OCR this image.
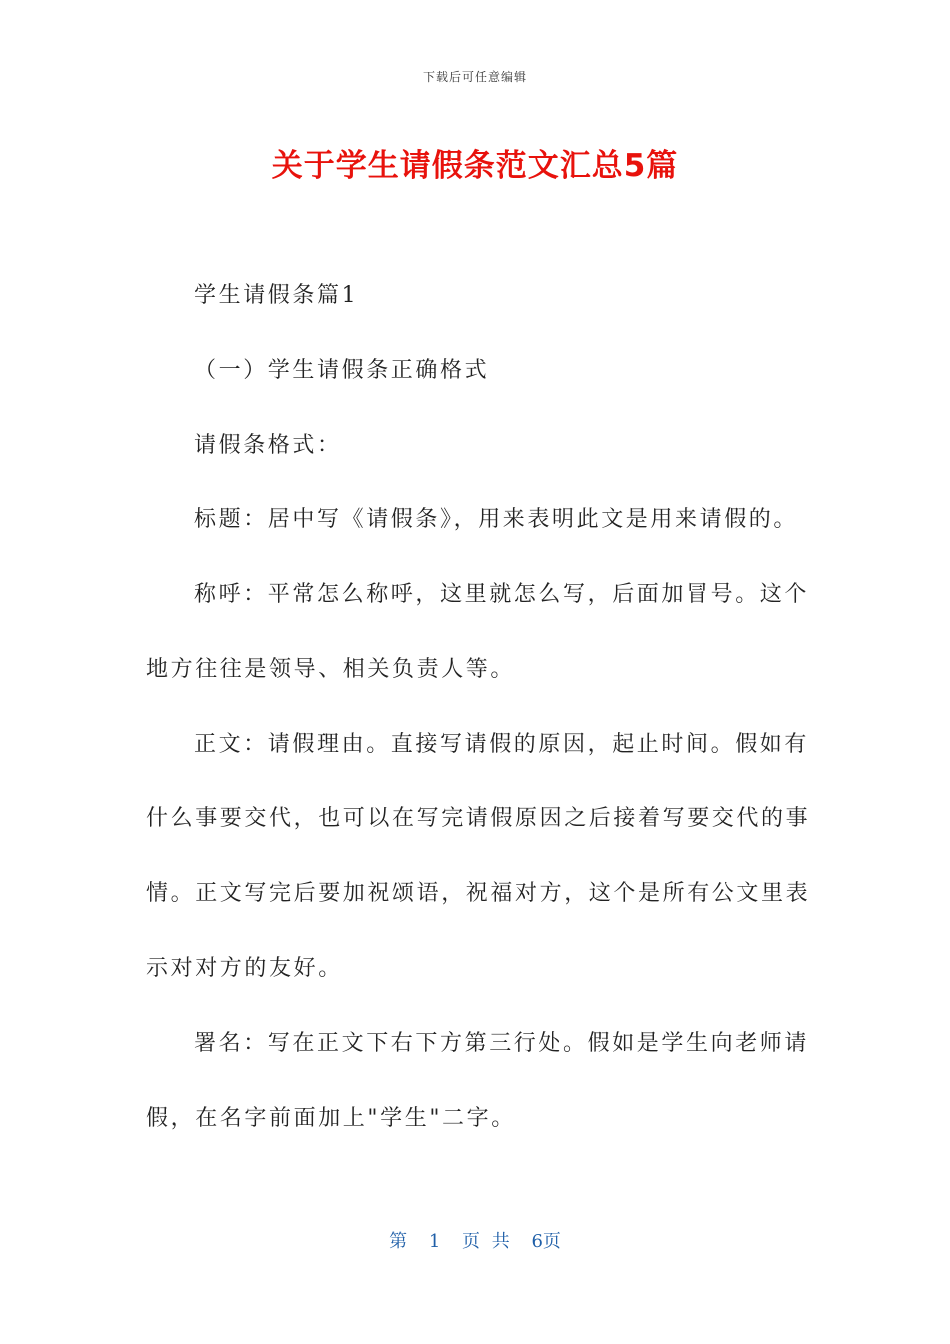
下载后可任意编辑
关于学生请假条范文汇总5篇
学生请假条篇1
（一）学生请假条正确格式
请假条格式：
标题：居中写《请假条》，用来表明此文是用来请假的。
称呼：平常怎么称呼，这里就怎么写，后面加冒号。这个
地方往往是领导、相关负责人等。
正文：请假理由。直接写请假的原因，起止时间。假如有
什么事要交代，也可以在写完请假原因之后接着写要交代的事
情。正文写完后要加祝颂语，祝福对方，这个是所有公文里表
示对对方的友好。
署名：写在正文下右下方第三行处。假如是学生向老师请
假，在名字前面加上"学生"二字。
第 1 页 共 6页
